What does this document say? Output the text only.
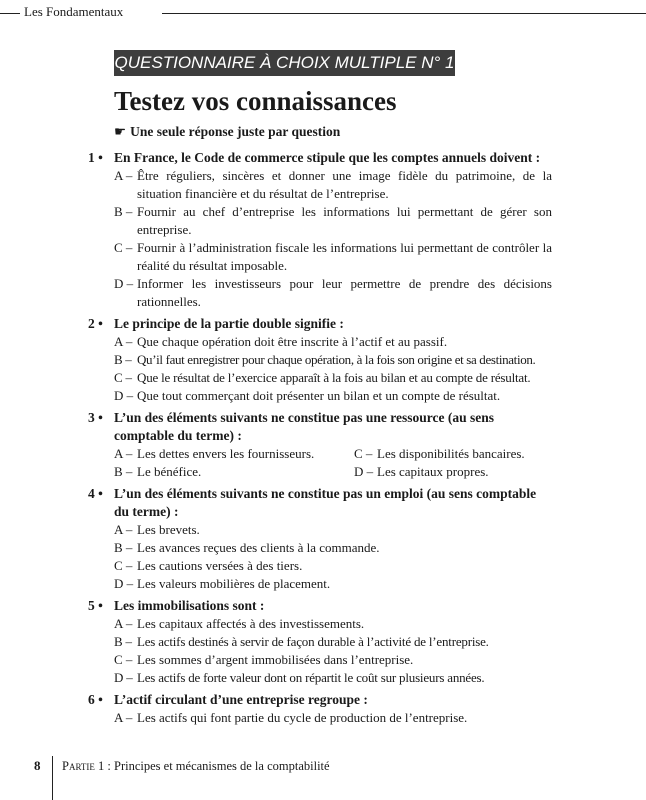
Les Fondamentaux
QUESTIONNAIRE À CHOIX MULTIPLE N° 1
Testez vos connaissances
☛ Une seule réponse juste par question
1 • En France, le Code de commerce stipule que les comptes annuels doivent :
A – Être réguliers, sincères et donner une image fidèle du patrimoine, de la situation financière et du résultat de l’entreprise.
B – Fournir au chef d’entreprise les informations lui permettant de gérer son entreprise.
C – Fournir à l’administration fiscale les informations lui permettant de contrôler la réalité du résultat imposable.
D – Informer les investisseurs pour leur permettre de prendre des décisions rationnelles.
2 • Le principe de la partie double signifie :
A – Que chaque opération doit être inscrite à l’actif et au passif.
B – Qu’il faut enregistrer pour chaque opération, à la fois son origine et sa destination.
C – Que le résultat de l’exercice apparaît à la fois au bilan et au compte de résultat.
D – Que tout commerçant doit présenter un bilan et un compte de résultat.
3 • L’un des éléments suivants ne constitue pas une ressource (au sens comptable du terme) :
A – Les dettes envers les fournisseurs.	C – Les disponibilités bancaires.
B – Le bénéfice.	D – Les capitaux propres.
4 • L’un des éléments suivants ne constitue pas un emploi (au sens comptable du terme) :
A – Les brevets.
B – Les avances reçues des clients à la commande.
C – Les cautions versées à des tiers.
D – Les valeurs mobilières de placement.
5 • Les immobilisations sont :
A – Les capitaux affectés à des investissements.
B – Les actifs destinés à servir de façon durable à l’activité de l’entreprise.
C – Les sommes d’argent immobilisées dans l’entreprise.
D – Les actifs de forte valeur dont on répartit le coût sur plusieurs années.
6 • L’actif circulant d’une entreprise regroupe :
A – Les actifs qui font partie du cycle de production de l’entreprise.
8 Partie 1 : Principes et mécanismes de la comptabilité
